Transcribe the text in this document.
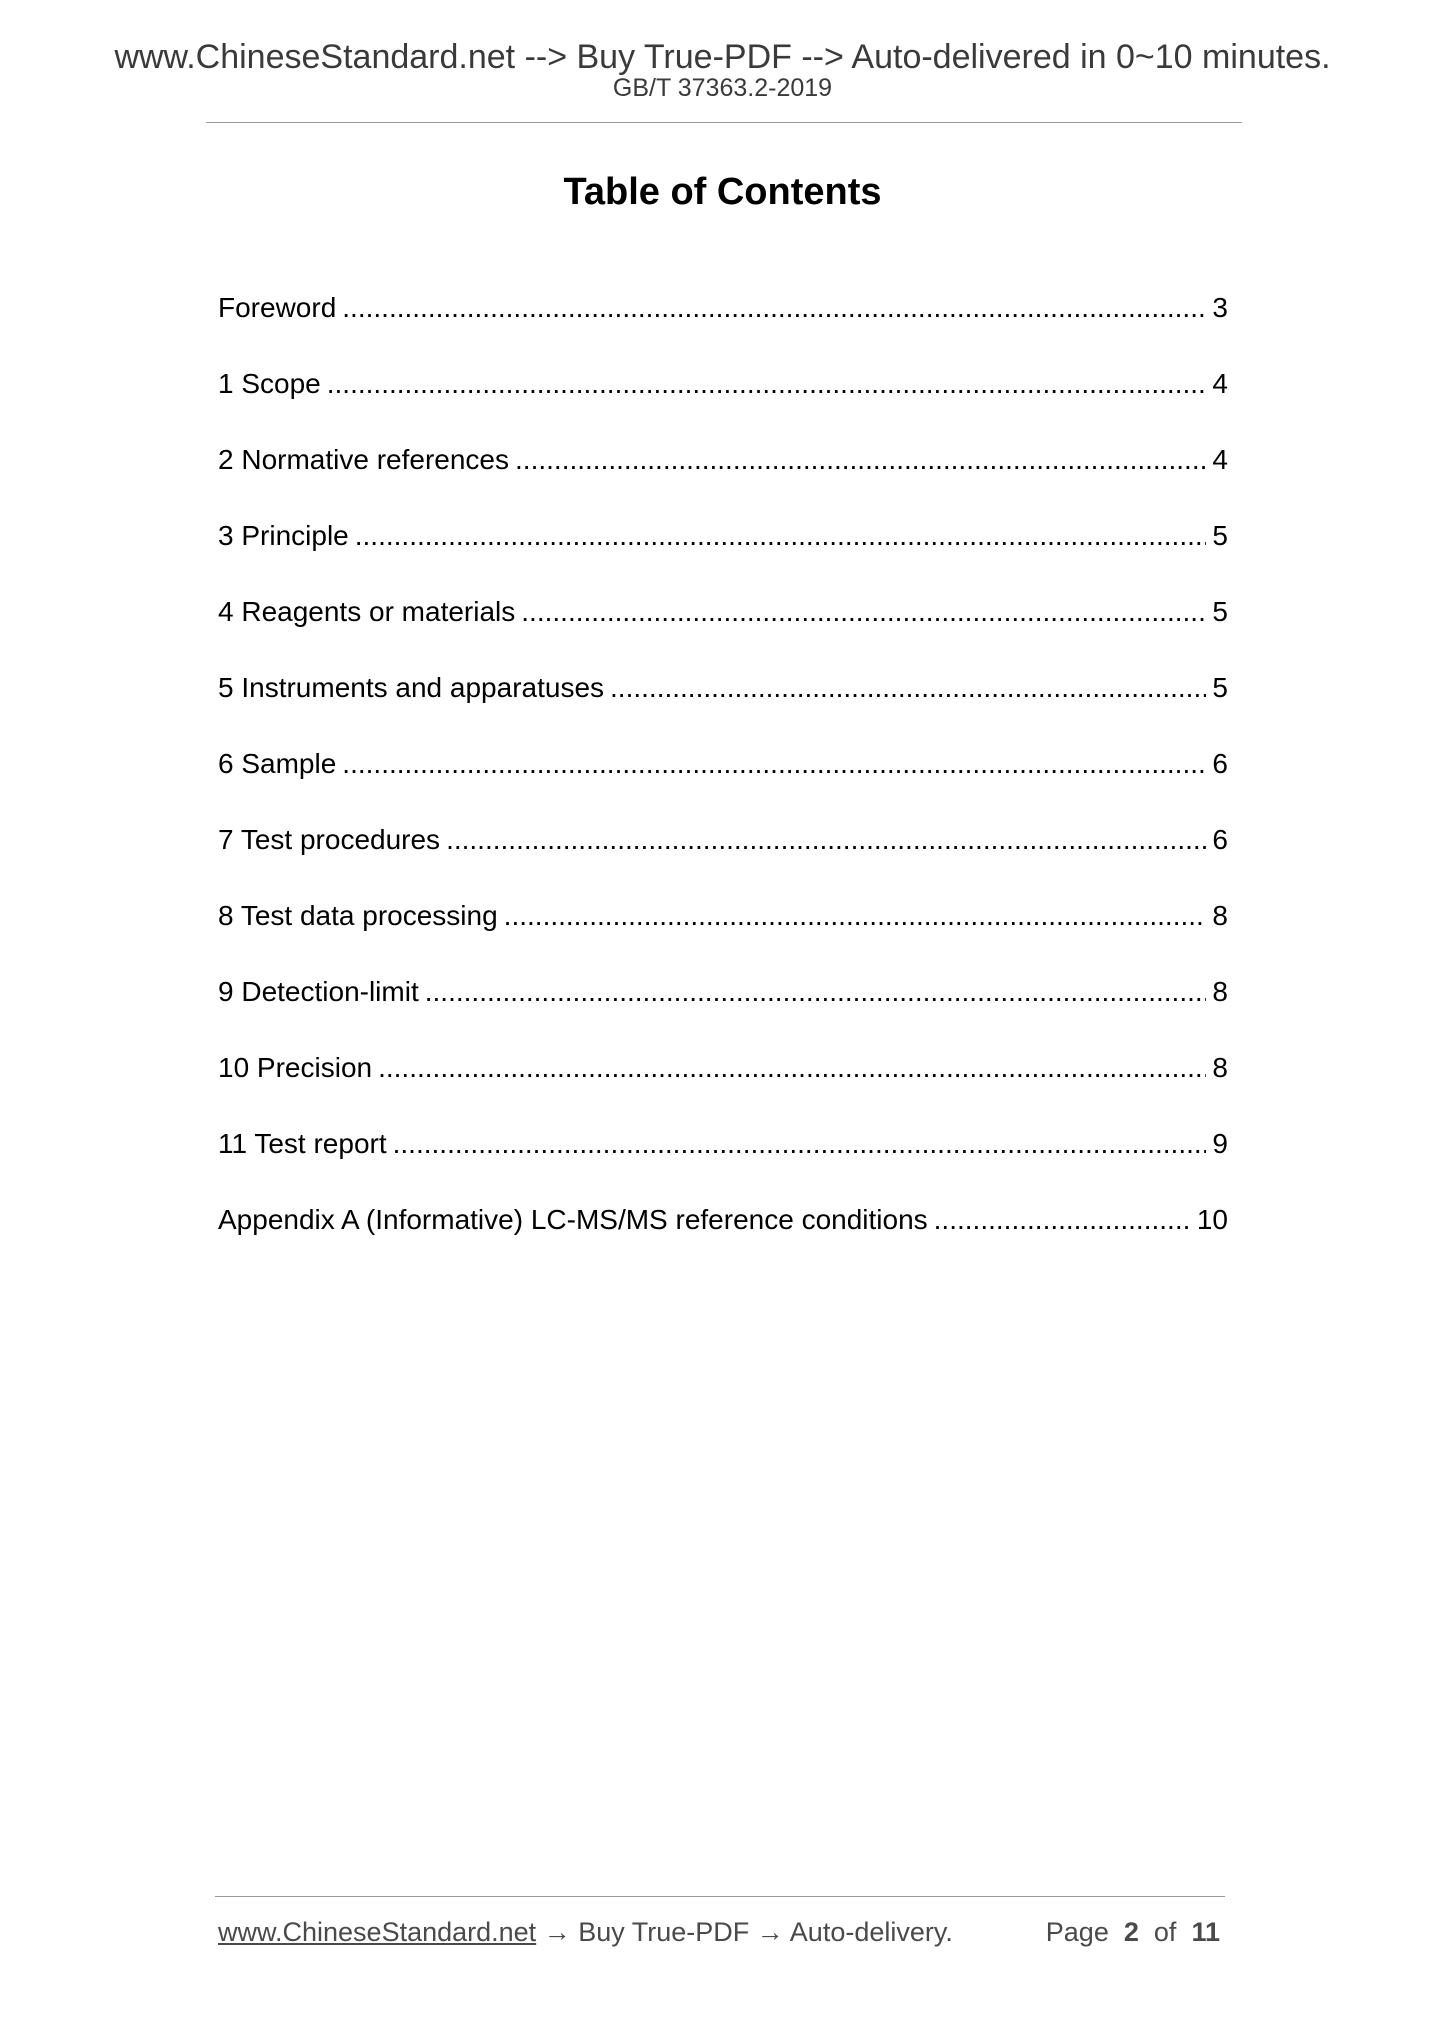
www.ChineseStandard.net --> Buy True-PDF --> Auto-delivered in 0~10 minutes.
GB/T 37363.2-2019
Table of Contents
Foreword .....	3
1 Scope .....	4
2 Normative references .....	4
3 Principle .....	5
4 Reagents or materials .....	5
5 Instruments and apparatuses .....	5
6 Sample .....	6
7 Test procedures .....	6
8 Test data processing .....	8
9 Detection-limit .....	8
10 Precision .....	8
11 Test report .....	9
Appendix A (Informative) LC-MS/MS reference conditions .....	10
www.ChineseStandard.net → Buy True-PDF → Auto-delivery.	Page 2 of 11
